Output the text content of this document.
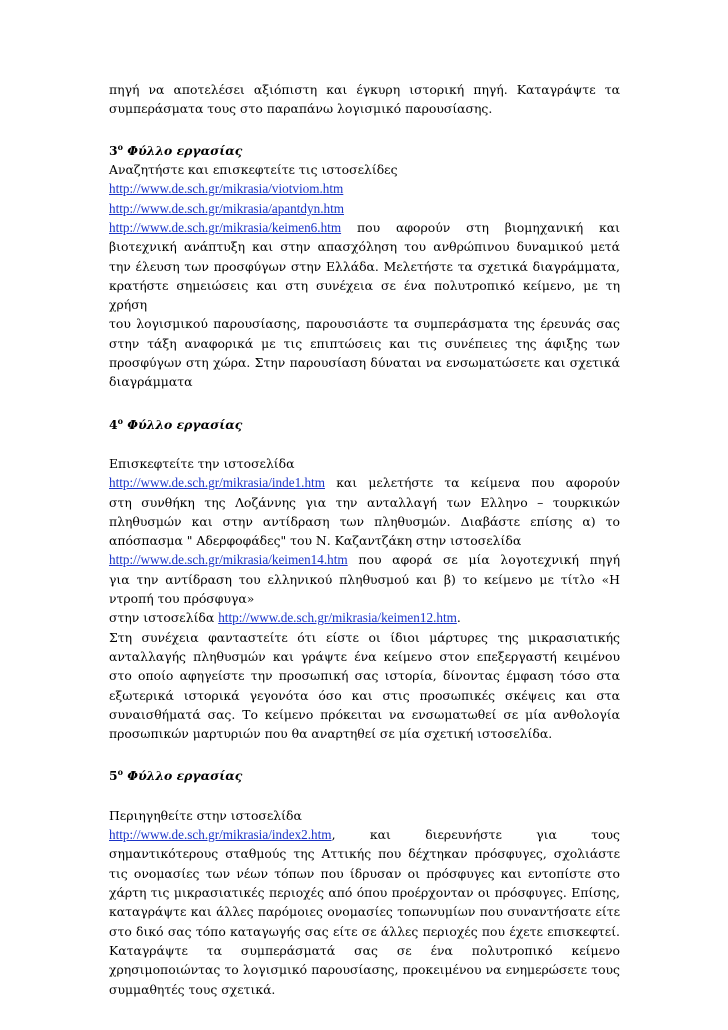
πηγή να αποτελέσει αξιόπιστη και έγκυρη ιστορική πηγή. Καταγράψτε τα
συμπεράσματα τους στο παραπάνω λογισμικό παρουσίασης.

$3^o$ Φύλλο εργασίας

Αναζητήστε και επισκεφτείτε τις ιστοσελίδες
http://www.de.sch.gr/mikrasia/viotviom.htm
http://www.de.sch.gr/mikrasia/apantdyn.htm
http://www.de.sch.gr/mikrasia/keimen6.htm που αφορούν στη βιομηχανική και
βιοτεχνική ανάπτυξη και στην απασχόληση του ανθρώπινου δυναμικού μετά
την έλευση των προσφύγων στην Ελλάδα. Μελετήστε τα σχετικά διαγράμματα,
κρατήστε σημειώσεις και στη συνέχεια σε ένα πολυτροπικό κείμενο, με τη χρήση
του λογισμικού παρουσίασης, παρουσιάστε τα συμπεράσματα της έρευνάς σας
στην τάξη αναφορικά με τις επιπτώσεις και τις συνέπειες της άφιξης των
προσφύγων στη χώρα. Στην παρουσίαση δύναται να ενσωματώσετε και σχετικά
διαγράμματα

$4^o$ Φύλλο εργασίας

Επισκεφτείτε την ιστοσελίδα
http://www.de.sch.gr/mikrasia/inde1.htm και μελετήστε τα κείμενα που αφορούν
στη συνθήκη της Λοζάννης για την ανταλλαγή των Ελληνο – τουρκικών
πληθυσμών και στην αντίδραση των πληθυσμών. Διαβάστε επίσης α) το
απόσπασμα " Αδερφοφάδες" του Ν. Καζαντζάκη στην ιστοσελίδα
http://www.de.sch.gr/mikrasia/keimen14.htm που αφορά σε μία λογοτεχνική πηγή
για την αντίδραση του ελληνικού πληθυσμού και β) το κείμενο με τίτλο «Η
ντροπή του πρόσφυγα»
στην ιστοσελίδα http://www.de.sch.gr/mikrasia/keimen12.htm.
Στη συνέχεια φανταστείτε ότι είστε οι ίδιοι μάρτυρες της μικρασιατικής
ανταλλαγής πληθυσμών και γράψτε ένα κείμενο στον επεξεργαστή κειμένου
στο οποίο αφηγείστε την προσωπική σας ιστορία, δίνοντας έμφαση τόσο στα
εξωτερικά ιστορικά γεγονότα όσο και στις προσωπικές σκέψεις και στα
συναισθήματά σας. Το κείμενο πρόκειται να ενσωματωθεί σε μία ανθολογία
προσωπικών μαρτυριών που θα αναρτηθεί σε μία σχετική ιστοσελίδα.

$5^o$ Φύλλο εργασίας

Περιηγηθείτε στην ιστοσελίδα
http://www.de.sch.gr/mikrasia/index2.htm, και διερευνήστε για τους
σημαντικότερους σταθμούς της Αττικής που δέχτηκαν πρόσφυγες, σχολιάστε
τις ονομασίες των νέων τόπων που ίδρυσαν οι πρόσφυγες και εντοπίστε στο
χάρτη τις μικρασιατικές περιοχές από όπου προέρχονταν οι πρόσφυγες. Επίσης,
καταγράψτε και άλλες παρόμοιες ονομασίες τοπωνυμίων που συναντήσατε είτε
στο δικό σας τόπο καταγωγής σας είτε σε άλλες περιοχές που έχετε επισκεφτεί.
Καταγράψτε τα συμπεράσματά σας σε ένα πολυτροπικό κείμενο
χρησιμοποιώντας το λογισμικό παρουσίασης, προκειμένου να ενημερώσετε τους
συμμαθητές τους σχετικά.
